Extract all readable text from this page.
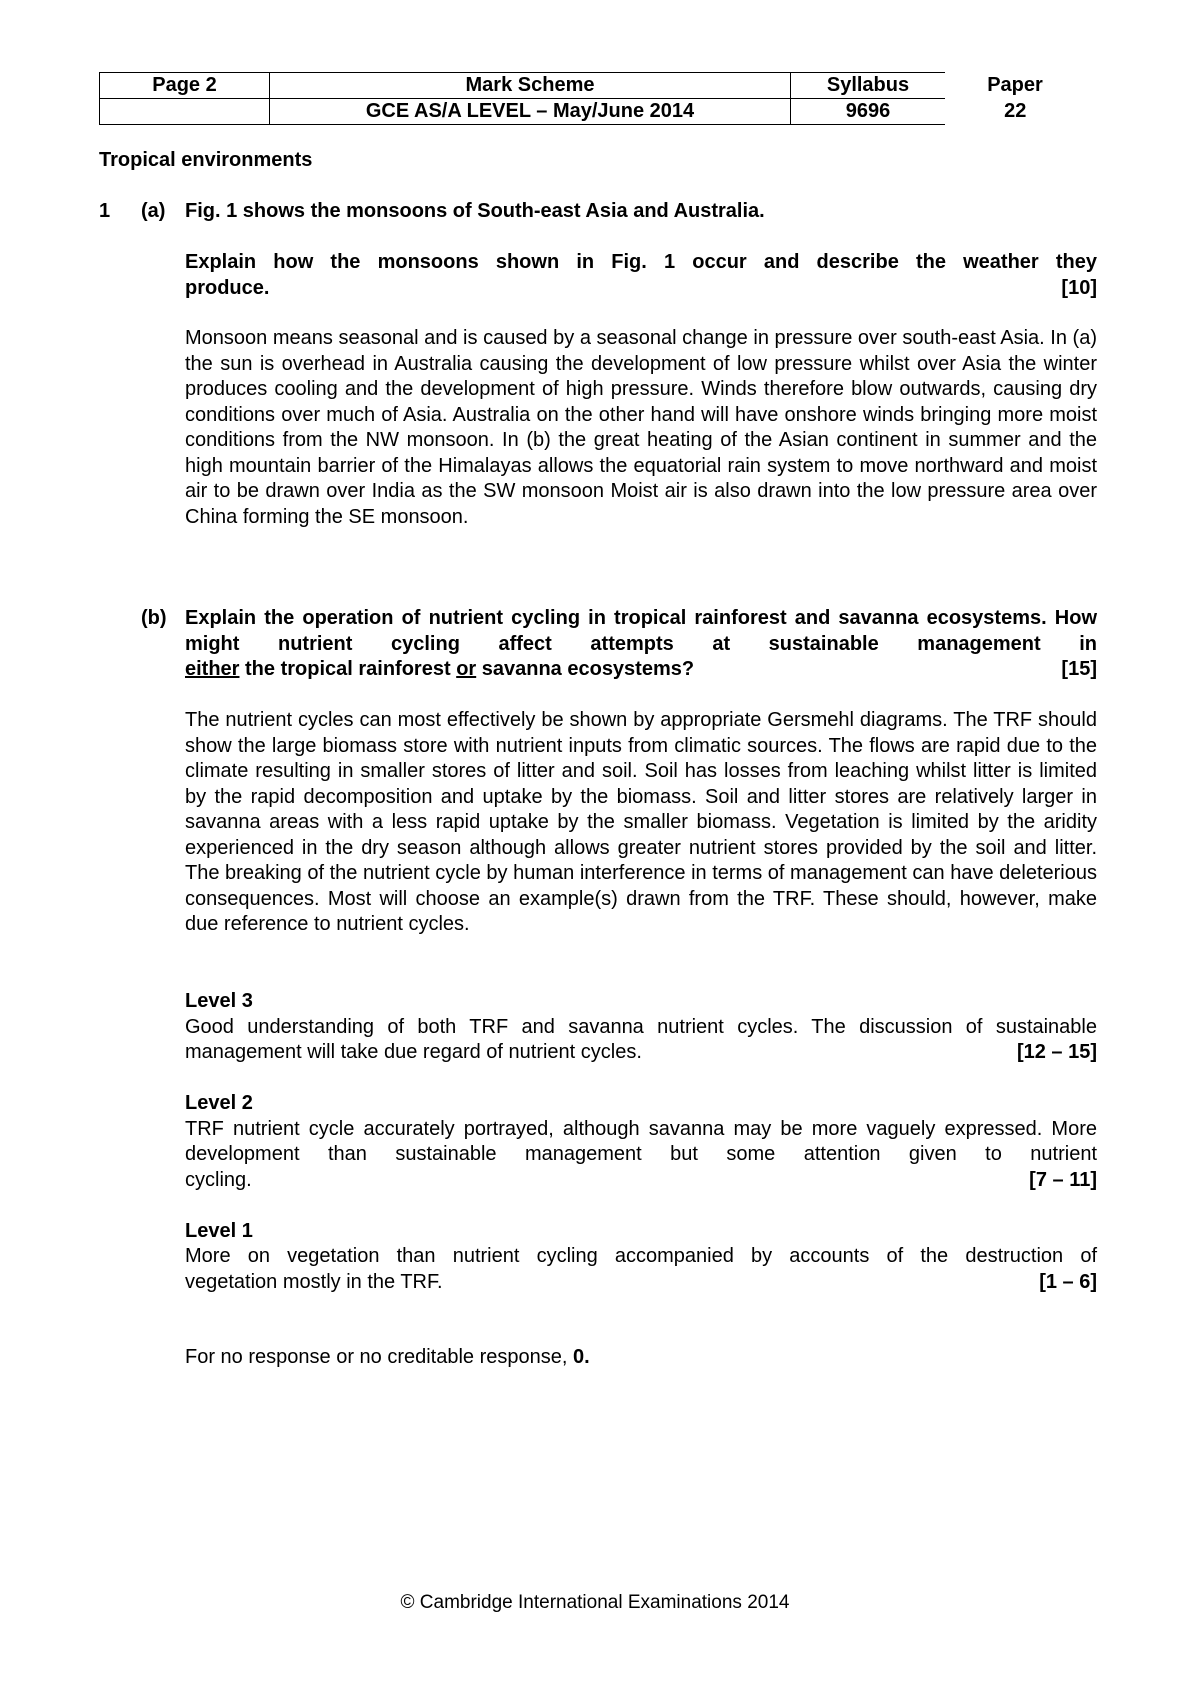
Page 2	Mark Scheme	Syllabus	Paper
	GCE AS/A LEVEL – May/June 2014	9696	22
Tropical environments
1 (a) Fig. 1 shows the monsoons of South-east Asia and Australia.
Explain how the monsoons shown in Fig. 1 occur and describe the weather they
produce.	[10]
Monsoon means seasonal and is caused by a seasonal change in pressure over south-east Asia. In (a) the sun is overhead in Australia causing the development of low pressure whilst over Asia the winter produces cooling and the development of high pressure. Winds therefore blow outwards, causing dry conditions over much of Asia. Australia on the other hand will have onshore winds bringing more moist conditions from the NW monsoon. In (b) the great heating of the Asian continent in summer and the high mountain barrier of the Himalayas allows the equatorial rain system to move northward and moist air to be drawn over India as the SW monsoon Moist air is also drawn into the low pressure area over China forming the SE monsoon.
(b) Explain the operation of nutrient cycling in tropical rainforest and savanna ecosystems. How might nutrient cycling affect attempts at sustainable management in
either the tropical rainforest or savanna ecosystems?	[15]
The nutrient cycles can most effectively be shown by appropriate Gersmehl diagrams. The TRF should show the large biomass store with nutrient inputs from climatic sources. The flows are rapid due to the climate resulting in smaller stores of litter and soil. Soil has losses from leaching whilst litter is limited by the rapid decomposition and uptake by the biomass. Soil and litter stores are relatively larger in savanna areas with a less rapid uptake by the smaller biomass. Vegetation is limited by the aridity experienced in the dry season although allows greater nutrient stores provided by the soil and litter. The breaking of the nutrient cycle by human interference in terms of management can have deleterious consequences. Most will choose an example(s) drawn from the TRF. These should, however, make due reference to nutrient cycles.
Level 3
Good understanding of both TRF and savanna nutrient cycles. The discussion of sustainable
management will take due regard of nutrient cycles.	[12 – 15]
Level 2
TRF nutrient cycle accurately portrayed, although savanna may be more vaguely expressed. More development than sustainable management but some attention given to nutrient
cycling.	[7 – 11]
Level 1
More on vegetation than nutrient cycling accompanied by accounts of the destruction of
vegetation mostly in the TRF.	[1 – 6]
For no response or no creditable response, 0.
© Cambridge International Examinations 2014
